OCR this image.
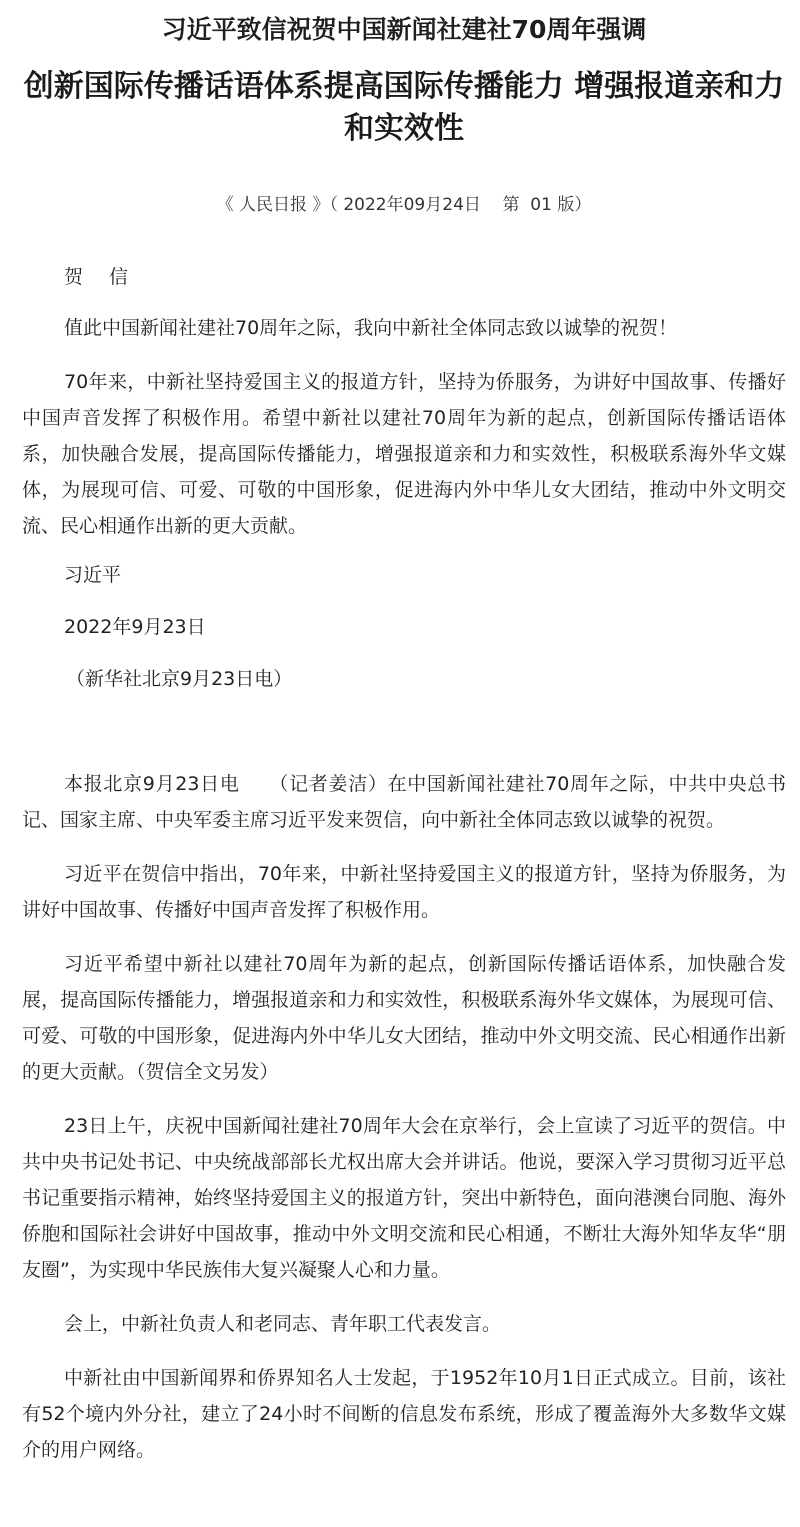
习近平致信祝贺中国新闻社建社70周年强调
创新国际传播话语体系提高国际传播能力 增强报道亲和力和实效性
《 人民日报 》（ 2022年09月24日    第  01 版）
贺信

值此中国新闻社建社70周年之际，我向中新社全体同志致以诚挚的祝贺！

70年来，中新社坚持爱国主义的报道方针，坚持为侨服务，为讲好中国故事、传播好中国声音发挥了积极作用。希望中新社以建社70周年为新的起点，创新国际传播话语体系，加快融合发展，提高国际传播能力，增强报道亲和力和实效性，积极联系海外华文媒体，为展现可信、可爱、可敬的中国形象，促进海内外中华儿女大团结，推动中外文明交流、民心相通作出新的更大贡献。

习近平

2022年9月23日

（新华社北京9月23日电）

本报北京9月23日电　　（记者姜洁）在中国新闻社建社70周年之际，中共中央总书记、国家主席、中央军委主席习近平发来贺信，向中新社全体同志致以诚挚的祝贺。

习近平在贺信中指出，70年来，中新社坚持爱国主义的报道方针，坚持为侨服务，为讲好中国故事、传播好中国声音发挥了积极作用。

习近平希望中新社以建社70周年为新的起点，创新国际传播话语体系，加快融合发展，提高国际传播能力，增强报道亲和力和实效性，积极联系海外华文媒体，为展现可信、可爱、可敬的中国形象，促进海内外中华儿女大团结，推动中外文明交流、民心相通作出新的更大贡献。（贺信全文另发）

23日上午，庆祝中国新闻社建社70周年大会在京举行，会上宣读了习近平的贺信。中共中央书记处书记、中央统战部部长尤权出席大会并讲话。他说，要深入学习贯彻习近平总书记重要指示精神，始终坚持爱国主义的报道方针，突出中新特色，面向港澳台同胞、海外侨胞和国际社会讲好中国故事，推动中外文明交流和民心相通，不断壮大海外知华友华“朋友圈”，为实现中华民族伟大复兴凝聚人心和力量。

会上，中新社负责人和老同志、青年职工代表发言。

中新社由中国新闻界和侨界知名人士发起，于1952年10月1日正式成立。目前，该社有52个境内外分社，建立了24小时不间断的信息发布系统，形成了覆盖海外大多数华文媒介的用户网络。
